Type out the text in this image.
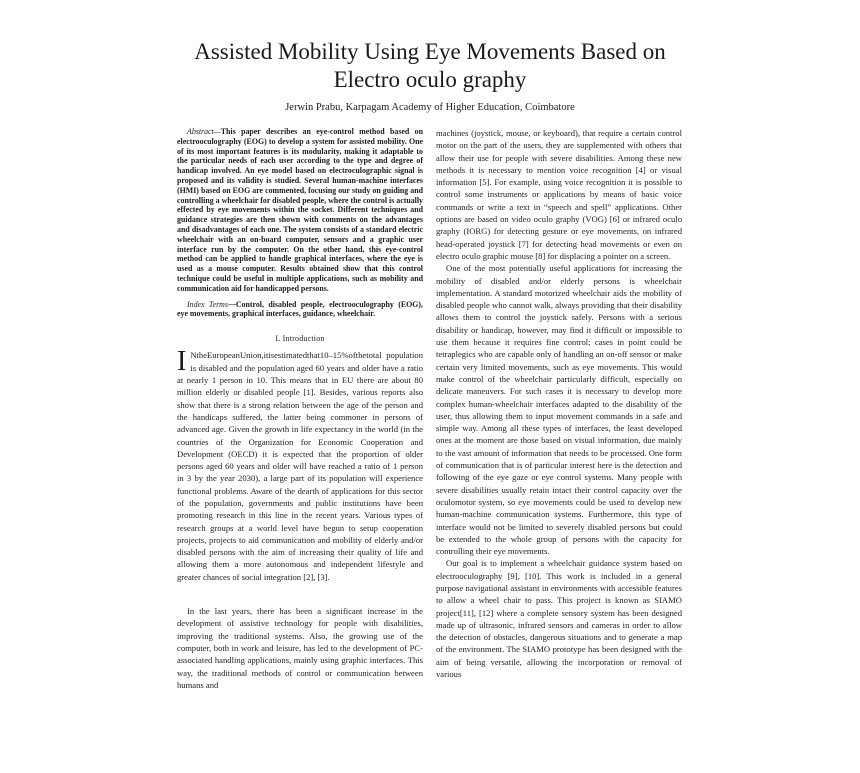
Assisted Mobility Using Eye Movements Based on
Electro oculo graphy
Jerwin Prabu, Karpagam Academy of Higher Education, Coimbatore

Abstract—This paper describes an eye-control method based on electrooculography (EOG) to develop a system for assisted mobility. One of its most important features is its modularity, making it adaptable to the particular needs of each user according to the type and degree of handicap involved. An eye model based on electroculographic signal is proposed and its validity is studied. Several human-machine interfaces (HMI) based on EOG are commented, focusing our study on guiding and controlling a wheelchair for disabled people, where the control is actually effected by eye movements within the socket. Different techniques and guidance strategies are then shown with comments on the advantages and disadvantages of each one. The system consists of a standard electric wheelchair with an on-board computer, sensors and a graphic user interface run by the computer. On the other hand, this eye-control method can be applied to handle graphical interfaces, where the eye is used as a mouse computer. Results obtained show that this control technique could be useful in multiple applications, such as mobility and communication aid for handicapped persons.

Index Terms—Control, disabled people, electrooculography (EOG), eye movements, graphical interfaces, guidance, wheelchair.

I. Introduction

I NtheEuropeanUnion,itisestimatedthat10–15%ofthetotal population is disabled and the population aged 60 years and older have a ratio at nearly 1 person in 10. This means that in EU there are about 80 million elderly or disabled people [1]. Besides, various reports also show that there is a strong relation between the age of the person and the handicaps suffered, the latter being commoner in persons of advanced age. Given the growth in life expectancy in the world (in the countries of the Organization for Economic Cooperation and Development (OECD) it is expected that the proportion of older persons aged 60 years and older will have reached a ratio of 1 person in 3 by the year 2030), a large part of its population will experience functional problems. Aware of the dearth of applications for this sector of the population, governments and public institutions have been promoting research in this line in the recent years. Various types of research groups at a world level have begun to setup cooperation projects, projects to aid communication and mobility of elderly and/or disabled persons with the aim of increasing their quality of life and allowing them a more autonomous and independent lifestyle and greater chances of social integration [2], [3].

In the last years, there has been a significant increase in the development of assistive technology for people with disabilities, improving the traditional systems. Also, the growing use of the computer, both in work and leisure, has led to the development of PC-associated handling applications, mainly using graphic interfaces. This way, the traditional methods of control or communication between humans and

machines (joystick, mouse, or keyboard), that require a certain control motor on the part of the users, they are supplemented with others that allow their use for people with severe disabilities. Among these new methods it is necessary to mention voice recognition [4] or visual information [5]. For example, using voice recognition it is possible to control some instruments or applications by means of basic voice commands or write a text in “speech and spell” applications. Other options are based on video oculo graphy (VOG) [6] or infrared oculo graphy (IORG) for detecting gesture or eye movements, on infrared head-operated joystick [7] for detecting head movements or even on electro oculo graphic mouse [8] for displacing a pointer on a screen.

One of the most potentially useful applications for increasing the mobility of disabled and/or elderly persons is wheelchair implementation. A standard motorized wheelchair aids the mobility of disabled people who cannot walk, always providing that their disability allows them to control the joystick safely. Persons with a serious disability or handicap, however, may find it difficult or impossible to use them because it requires fine control; cases in point could be tetraplegics who are capable only of handling an on-off sensor or make certain very limited movements, such as eye movements. This would make control of the wheelchair particularly difficult, especially on delicate maneuvers. For such cases it is necessary to develop more complex human-wheelchair interfaces adapted to the disability of the user, thus allowing them to input movement commands in a safe and simple way. Among all these types of interfaces, the least developed ones at the moment are those based on visual information, due mainly to the vast amount of information that needs to be processed. One form of communication that is of particular interest here is the detection and following of the eye gaze or eye control systems. Many people with severe disabilities usually retain intact their control capacity over the oculomotor system, so eye movements could be used to develop new human-machine communication systems. Furthermore, this type of interface would not be limited to severely disabled persons but could be extended to the whole group of persons with the capacity for controlling their eye movements.

Our goal is to implement a wheelchair guidance system based on electrooculography [9], [10]. This work is included in a general purpose navigational assistant in environments with accessible features to allow a wheel chair to pass. This project is known as SIAMO project[11], [12] where a complete sensory system has been designed made up of ultrasonic, infrared sensors and cameras in order to allow the detection of obstacles, dangerous situations and to generate a map of the environment. The SIAMO prototype has been designed with the aim of being versatile, allowing the incorporation or removal of various
